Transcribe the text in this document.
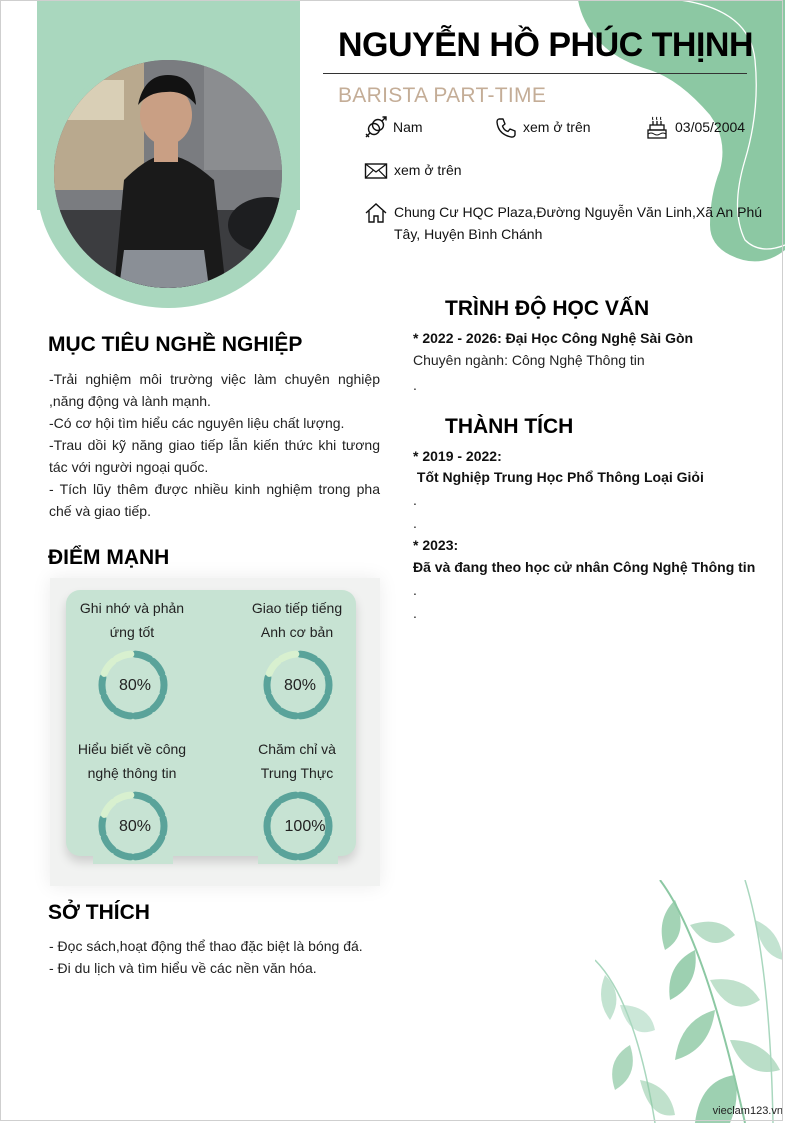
NGUYỄN HỒ PHÚC THỊNH
BARISTA PART-TIME
Nam	xem ở trên	03/05/2004
xem ở trên
Chung Cư HQC Plaza,Đường Nguyễn Văn Linh,Xã An Phú
Tây, Huyện Bình Chánh
MỤC TIÊU NGHỀ NGHIỆP
-Trải nghiệm môi trường việc làm chuyên nghiệp
,năng động và lành mạnh.
-Có cơ hội tìm hiểu các nguyên liệu chất lượng.
-Trau dồi kỹ năng giao tiếp lẫn kiến thức khi tương
tác với người ngoại quốc.
- Tích lũy thêm được nhiều kinh nghiệm trong pha
chế và giao tiếp.
ĐIỂM MẠNH
Ghi nhớ và phản
ứng tốt
Giao tiếp tiếng
Anh cơ bản
Hiểu biết về công
nghệ thông tin
Chăm chỉ và
Trung Thực
80%	80%
80%	100%
SỞ THÍCH
- Đọc sách,hoạt động thể thao đặc biệt là bóng đá.
- Đi du lịch và tìm hiểu về các nền văn hóa.
TRÌNH ĐỘ HỌC VẤN
* 2022 - 2026: Đại Học Công Nghệ Sài Gòn
Chuyên ngành: Công Nghệ Thông tin
.
THÀNH TÍCH
* 2019 - 2022:
Tốt Nghiệp Trung Học Phổ Thông Loại Giỏi
.
.
* 2023:
Đã và đang theo học cử nhân Công Nghệ Thông tin
.
.
vieclam123.vn
